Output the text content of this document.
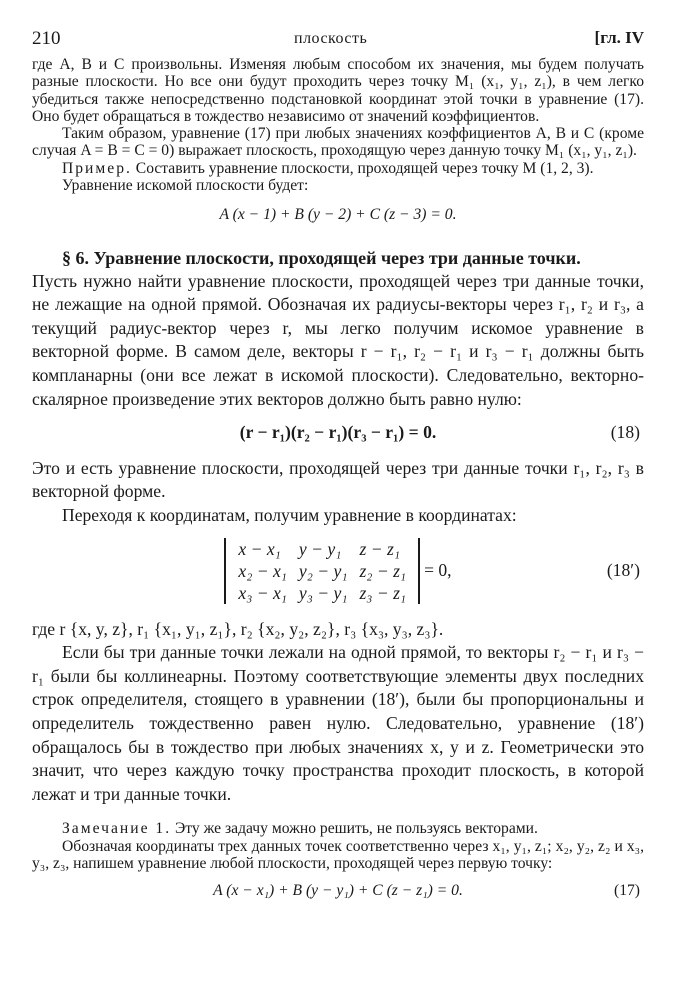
210	плоскость	[гл. IV

где A, B и C произвольны. Изменяя любым способом их значения, мы будем получать разные плоскости. Но все они будут проходить через точку M₁ (x₁, y₁, z₁), в чем легко убедиться также непосредственно подстановкой координат этой точки в уравнение (17). Оно будет обращаться в тождество независимо от значений коэффициентов.

Таким образом, уравнение (17) при любых значениях коэффициентов A, B и C (кроме случая A = B = C = 0) выражает плоскость, проходящую через данную точку M₁ (x₁, y₁, z₁).

Пример. Составить уравнение плоскости, проходящей через точку M (1, 2, 3).

Уравнение искомой плоскости будет:

A (x − 1) + B (y − 2) + C (z − 3) = 0.
§ 6. Уравнение плоскости, проходящей через три данные точки.

Пусть нужно найти уравнение плоскости, проходящей через три данные точки, не лежащие на одной прямой. Обозначая их радиусы-векторы через r₁, r₂ и r₃, а текущий радиус-вектор через r, мы легко получим искомое уравнение в векторной форме. В самом деле, векторы r − r₁, r₂ − r₁ и r₃ − r₁ должны быть компланарны (они все лежат в искомой плоскости). Следовательно, векторно-скалярное произведение этих векторов должно быть равно нулю:

(r − r₁)(r₂ − r₁)(r₃ − r₁) = 0.	(18)

Это и есть уравнение плоскости, проходящей через три данные точки r₁, r₂, r₃ в векторной форме.

Переходя к координатам, получим уравнение в координатах:

x − x₁	y − y₁	z − z₁
x₂ − x₁	y₂ − y₁	z₂ − z₁
x₃ − x₁	y₃ − y₁	z₃ − z₁
= 0,	(18′)

где r {x, y, z}, r₁ {x₁, y₁, z₁}, r₂ {x₂, y₂, z₂}, r₃ {x₃, y₃, z₃}.

Если бы три данные точки лежали на одной прямой, то векторы r₂ − r₁ и r₃ − r₁ были бы коллинеарны. Поэтому соответствующие элементы двух последних строк определителя, стоящего в уравнении (18′), были бы пропорциональны и определитель тождественно равен нулю. Следовательно, уравнение (18′) обращалось бы в тождество при любых значениях x, y и z. Геометрически это значит, что через каждую точку пространства проходит плоскость, в которой лежат и три данные точки.

Замечание 1. Эту же задачу можно решить, не пользуясь векторами.

Обозначая координаты трех данных точек соответственно через x₁, y₁, z₁; x₂, y₂, z₂ и x₃, y₃, z₃, напишем уравнение любой плоскости, проходящей через первую точку:

A (x − x₁) + B (y − y₁) + C (z − z₁) = 0.	(17)
